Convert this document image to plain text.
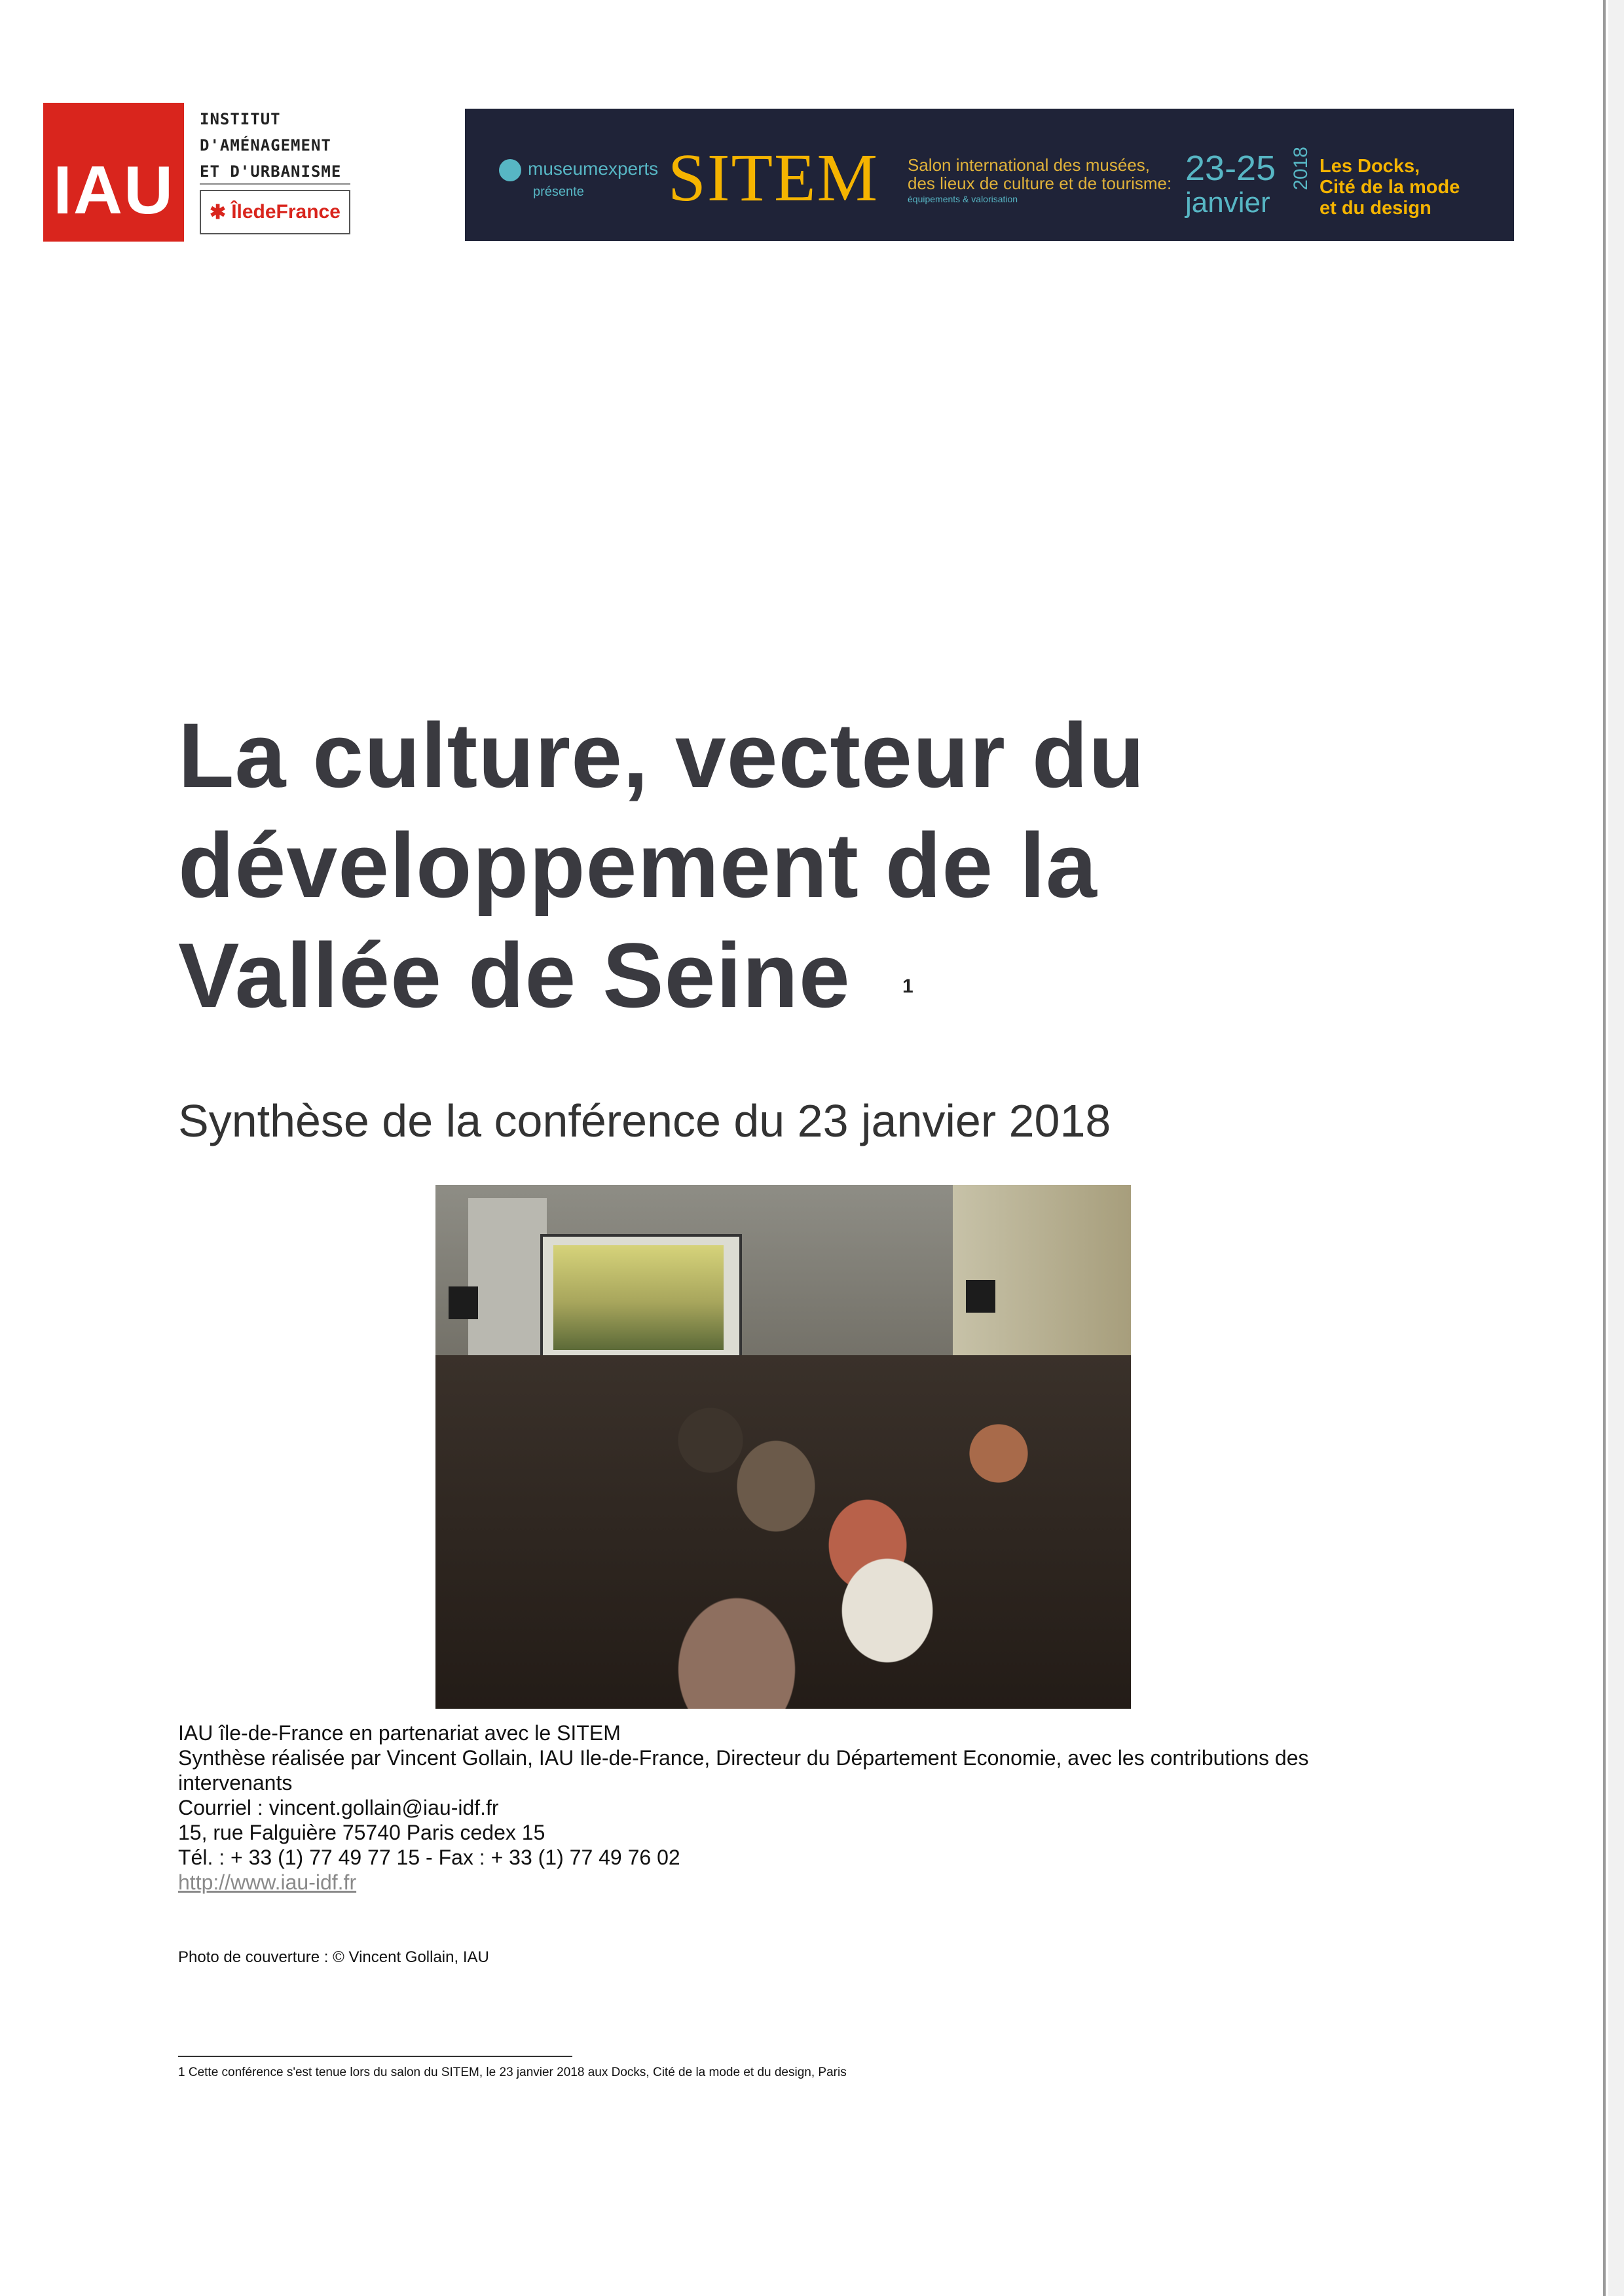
IAU
INSTITUT
D'AMÉNAGEMENT
ET D'URBANISME
✱ ÎledeFrance
museumexperts
présente SITEM Salon international des musées,
des lieux de culture et de tourisme:
équipements & valorisation
23-25
janvier
2018 Les Docks,
Cité de la mode
et du design
La culture, vecteur du
développement de la
Vallée de Seine	1
Synthèse de la conférence du 23 janvier 2018
IAU île-de-France en partenariat avec le SITEM
Synthèse réalisée par Vincent Gollain, IAU Ile-de-France, Directeur du Département Economie, avec les contributions des intervenants
Courriel : vincent.gollain@iau-idf.fr
15, rue Falguière 75740 Paris cedex 15
Tél. : + 33 (1) 77 49 77 15 - Fax : + 33 (1) 77 49 76 02
http://www.iau-idf.fr
Photo de couverture : © Vincent Gollain, IAU
1 Cette conférence s'est tenue lors du salon du SITEM, le 23 janvier 2018 aux Docks, Cité de la mode et du design, Paris
